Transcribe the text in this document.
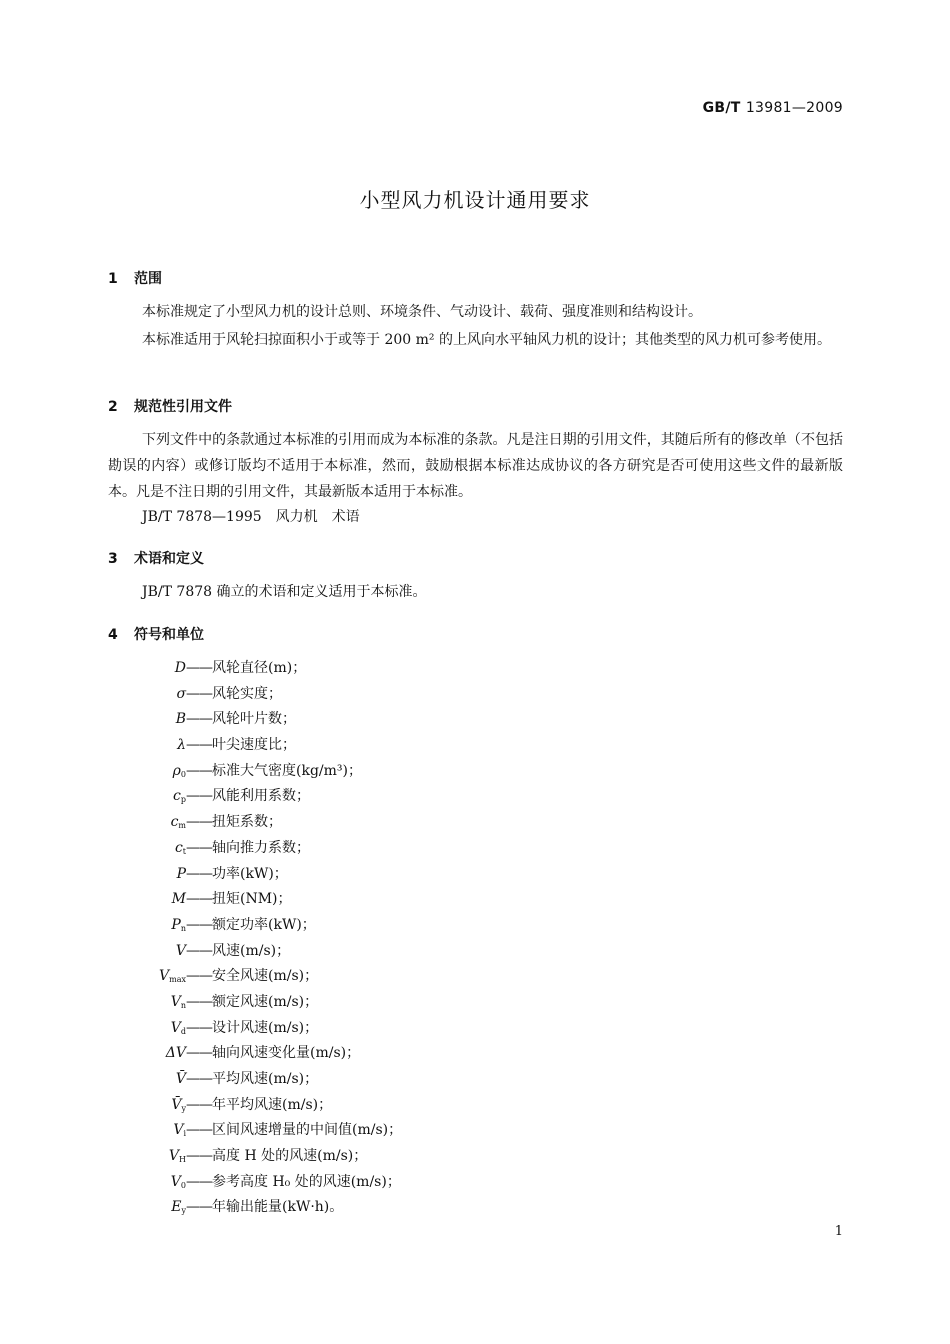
GB/T 13981—2009
小型风力机设计通用要求
1 范围
本标准规定了小型风力机的设计总则、环境条件、气动设计、载荷、强度准则和结构设计。
本标准适用于风轮扫掠面积小于或等于 200 m² 的上风向水平轴风力机的设计；其他类型的风力机可参考使用。
2 规范性引用文件
下列文件中的条款通过本标准的引用而成为本标准的条款。凡是注日期的引用文件，其随后所有的修改单（不包括勘误的内容）或修订版均不适用于本标准，然而，鼓励根据本标准达成协议的各方研究是否可使用这些文件的最新版本。凡是不注日期的引用文件，其最新版本适用于本标准。
JB/T 7878—1995　风力机　术语
3 术语和定义
JB/T 7878 确立的术语和定义适用于本标准。
4 符号和单位
D——风轮直径(m)；
σ——风轮实度；
B——风轮叶片数；
λ——叶尖速度比；
$\rho_0——$标准大气密度(kg/m³)；
$c_p——$风能利用系数；
$c_m——$扭矩系数；
$c_t——$轴向推力系数；
P——功率(kW)；
M——扭矩(NM)；
$P_n——$额定功率(kW)；
V——风速(m/s)；
$V_{max}——$安全风速(m/s)；
$V_n——$额定风速(m/s)；
$V_d——$设计风速(m/s)；
ΔV——轴向风速变化量(m/s)；
V̄——平均风速(m/s)；
$V̄_y——$年平均风速(m/s)；
$V_i——$区间风速增量的中间值(m/s)；
$V_H——$高度 H 处的风速(m/s)；
$V_0——$参考高度 H₀ 处的风速(m/s)；
$E_y——$年输出能量(kW·h)。
1
